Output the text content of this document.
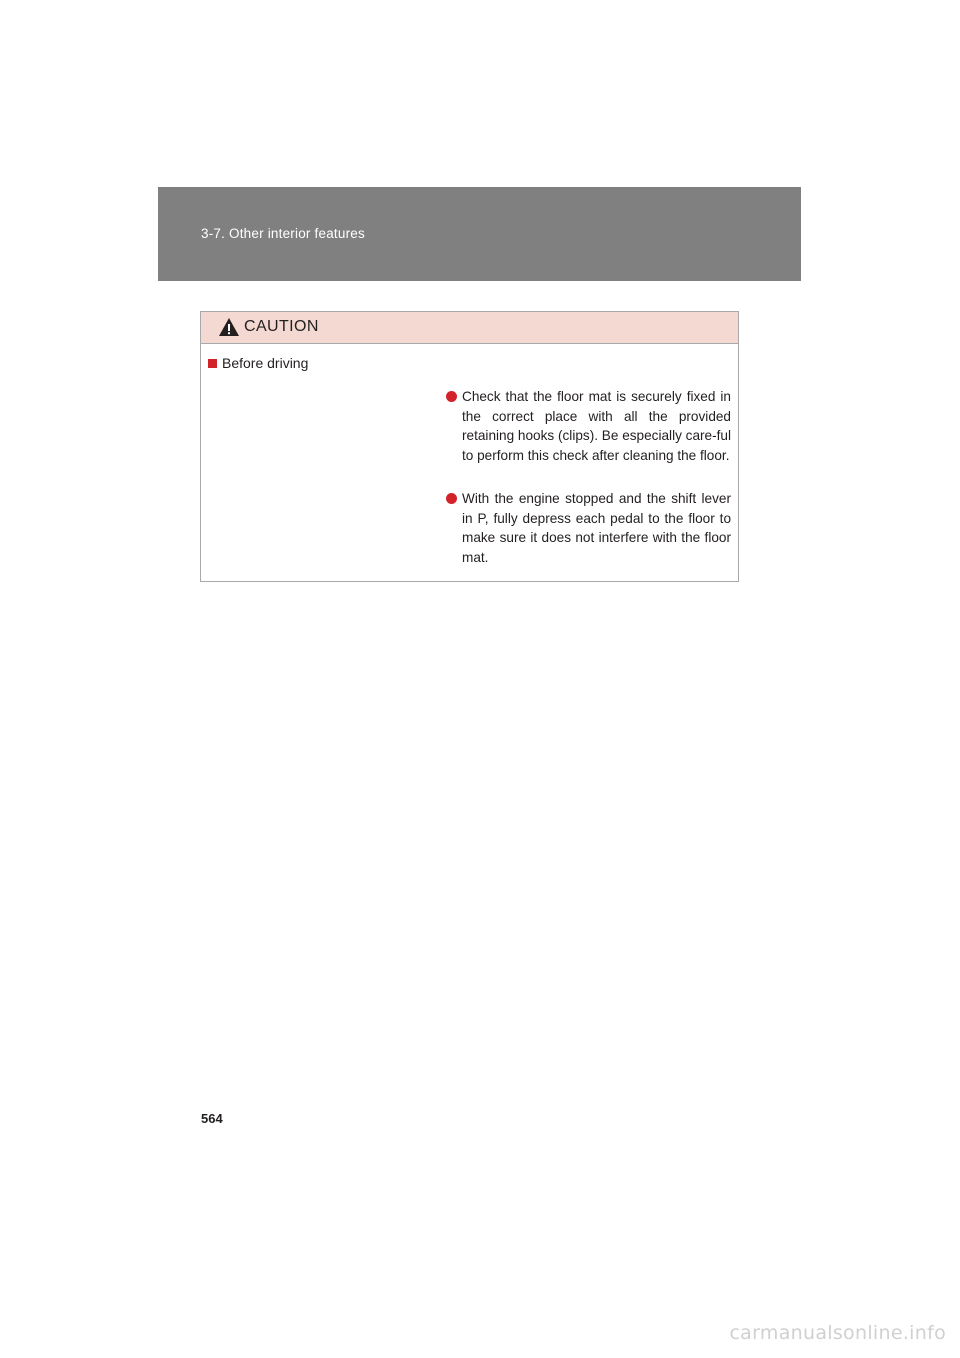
3-7. Other interior features
CAUTION
Before driving
Check that the floor mat is securely fixed in the correct place with all the provided retaining hooks (clips). Be especially care-ful to perform this check after cleaning the floor.
With the engine stopped and the shift lever in P, fully depress each pedal to the floor to make sure it does not interfere with the floor mat.
564
carmanualsonline.info
